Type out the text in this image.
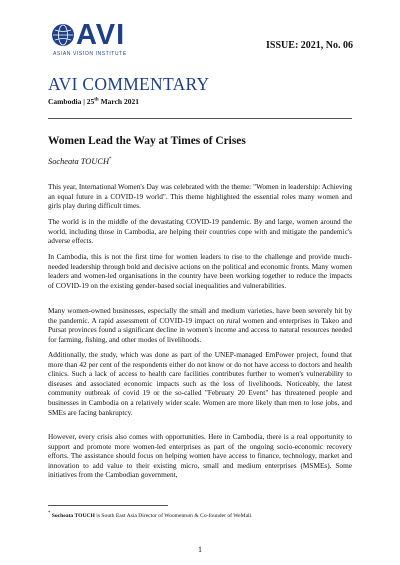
AVI
ASIAN VISION INSTITUTE
ISSUE: 2021, No. 06
AVI COMMENTARY
Cambodia | 25th March 2021
Women Lead the Way at Times of Crises
Socheata TOUCH*

This year, International Women's Day was celebrated with the theme: "Women in leadership: Achieving an equal future in a COVID-19 world". This theme highlighted the essential roles many women and girls play during difficult times.

The world is in the middle of the devastating COVID-19 pandemic. By and large, women around the world, including those in Cambodia, are helping their countries cope with and mitigate the pandemic's adverse effects.

In Cambodia, this is not the first time for women leaders to rise to the challenge and provide much-needed leadership through bold and decisive actions on the political and economic fronts. Many women leaders and women-led organisations in the country have been working together to reduce the impacts of COVID-19 on the existing gender-based social inequalities and vulnerabilities.

Many women-owned businesses, especially the small and medium varieties, have been severely hit by the pandemic. A rapid assessment of COVID-19 impact on rural women and enterprises in Takeo and Pursat provinces found a significant decline in women's income and access to natural resources needed for farming, fishing, and other modes of livelihoods.

Additionally, the study, which was done as part of the UNEP-managed EmPower project, found that more than 42 per cent of the respondents either do not know or do not have access to doctors and health clinics. Such a lack of access to health care facilities contributes further to women's vulnerability to diseases and associated economic impacts such as the loss of livelihoods. Noticeably, the latest community outbreak of covid 19 or the so-called "February 20 Event" has threatened people and businesses in Cambodia on a relatively wider scale. Women are more likely than men to lose jobs, and SMEs are facing bankruptcy.

However, every crisis also comes with opportunities. Here in Cambodia, there is a real opportunity to support and promote more women-led enterprises as part of the ongoing socio-economic recovery efforts. The assistance should focus on helping women have access to finance, technology, market and innovation to add value to their existing micro, small and medium enterprises (MSMEs). Some initiatives from the Cambodian government,

* Socheata TOUCH is South East Asia Director of Woomentum & Co-founder of WeMall.
1
